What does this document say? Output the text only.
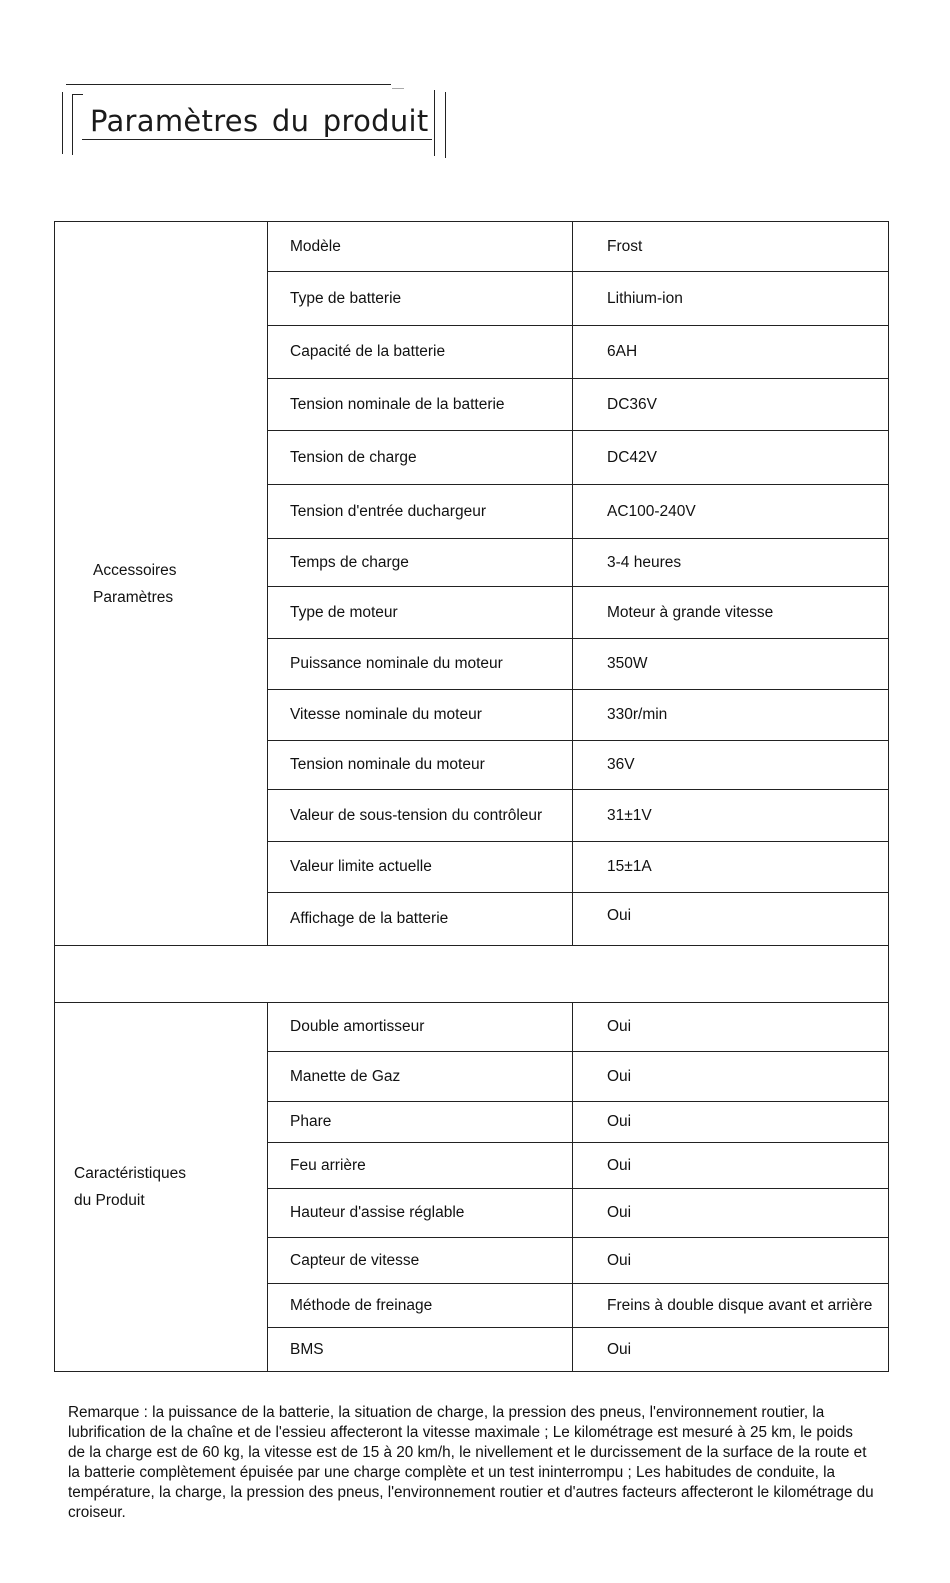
Paramètres du produit
Accessoires
Paramètres	Modèle	Frost
	Type de batterie	Lithium-ion
	Capacité de la batterie	6AH
	Tension nominale de la batterie	DC36V
	Tension de charge	DC42V
	Tension d'entrée duchargeur	AC100-240V
	Temps de charge	3-4 heures
	Type de moteur	Moteur à grande vitesse
	Puissance nominale du moteur	350W
	Vitesse nominale du moteur	330r/min
	Tension nominale du moteur	36V
	Valeur de sous-tension du contrôleur	31±1V
	Valeur limite actuelle	15±1A
	Affichage de la batterie	Oui

Caractéristiques
du Produit	Double amortisseur	Oui
	Manette de Gaz	Oui
	Phare	Oui
	Feu arrière	Oui
	Hauteur d'assise réglable	Oui
	Capteur de vitesse	Oui
	Méthode de freinage	Freins à double disque avant et arrière
	BMS	Oui
Remarque : la puissance de la batterie, la situation de charge, la pression des pneus, l'environnement routier, la lubrification de la chaîne et de l'essieu affecteront la vitesse maximale ; Le kilométrage est mesuré à 25 km, le poids de la charge est de 60 kg, la vitesse est de 15 à 20 km/h, le nivellement et le durcissement de la surface de la route et la batterie complètement épuisée par une charge complète et un test ininterrompu ; Les habitudes de conduite, la température, la charge, la pression des pneus, l'environnement routier et d'autres facteurs affecteront le kilométrage du croiseur.
